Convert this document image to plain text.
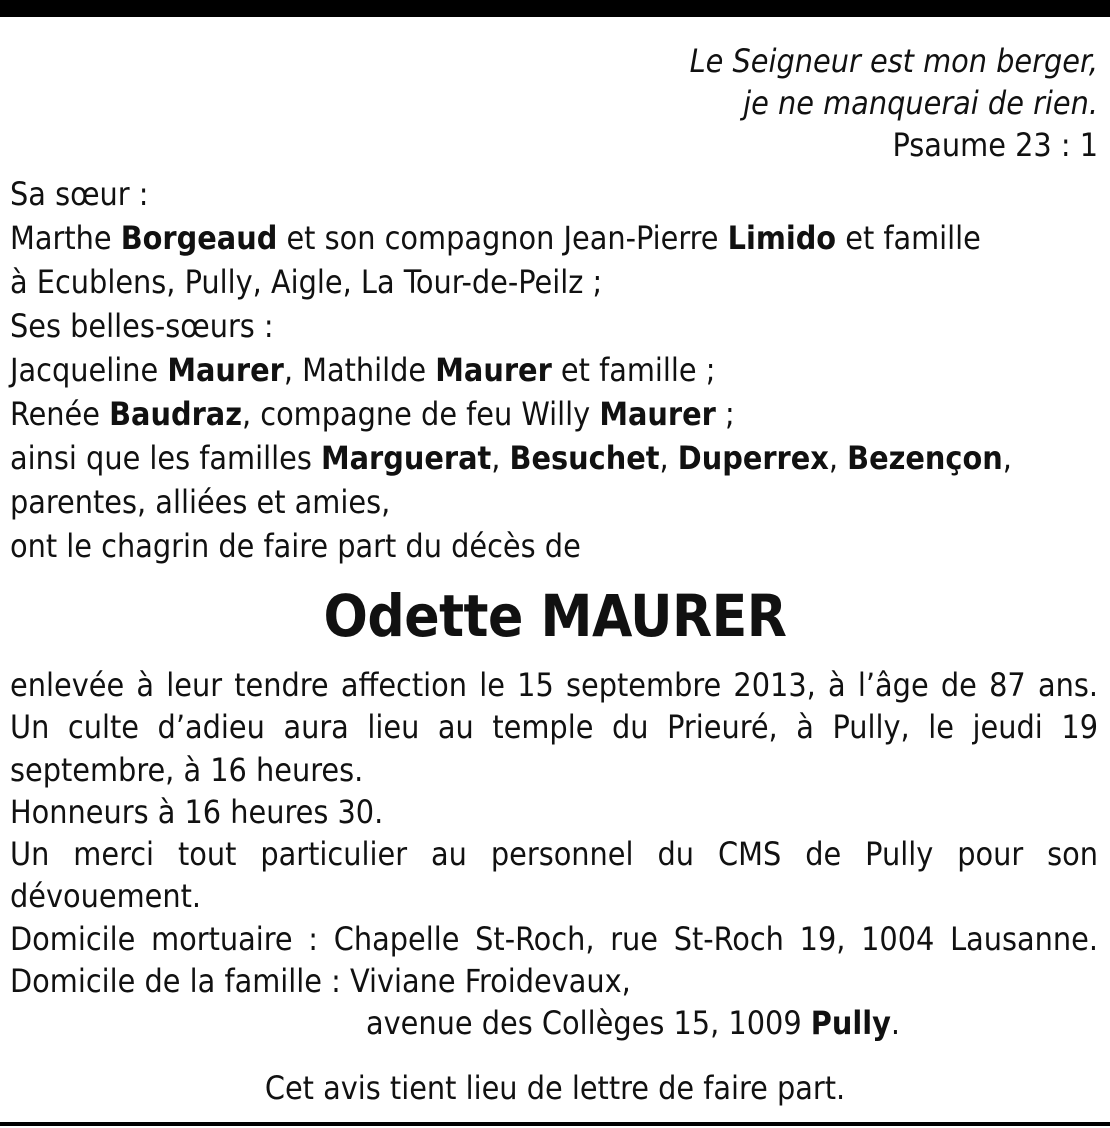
Le Seigneur est mon berger,
je ne manquerai de rien.
Psaume 23 : 1
Sa sœur :
Marthe Borgeaud et son compagnon Jean-Pierre Limido et famille
à Ecublens, Pully, Aigle, La Tour-de-Peilz ;
Ses belles-sœurs :
Jacqueline Maurer, Mathilde Maurer et famille ;
Renée Baudraz, compagne de feu Willy Maurer ;
ainsi que les familles Marguerat, Besuchet, Duperrex, Bezençon,
parentes, alliées et amies,
ont le chagrin de faire part du décès de
Odette MAURER
enlevée à leur tendre affection le 15 septembre 2013, à l’âge de 87 ans.
Un culte d’adieu aura lieu au temple du Prieuré, à Pully, le jeudi 19 septembre, à 16 heures.
Honneurs à 16 heures 30.
Un merci tout particulier au personnel du CMS de Pully pour son dévouement.
Domicile mortuaire : Chapelle St-Roch, rue St-Roch 19, 1004 Lausanne.
Domicile de la famille : Viviane Froidevaux,
avenue des Collèges 15, 1009 Pully.
Cet avis tient lieu de lettre de faire part.
